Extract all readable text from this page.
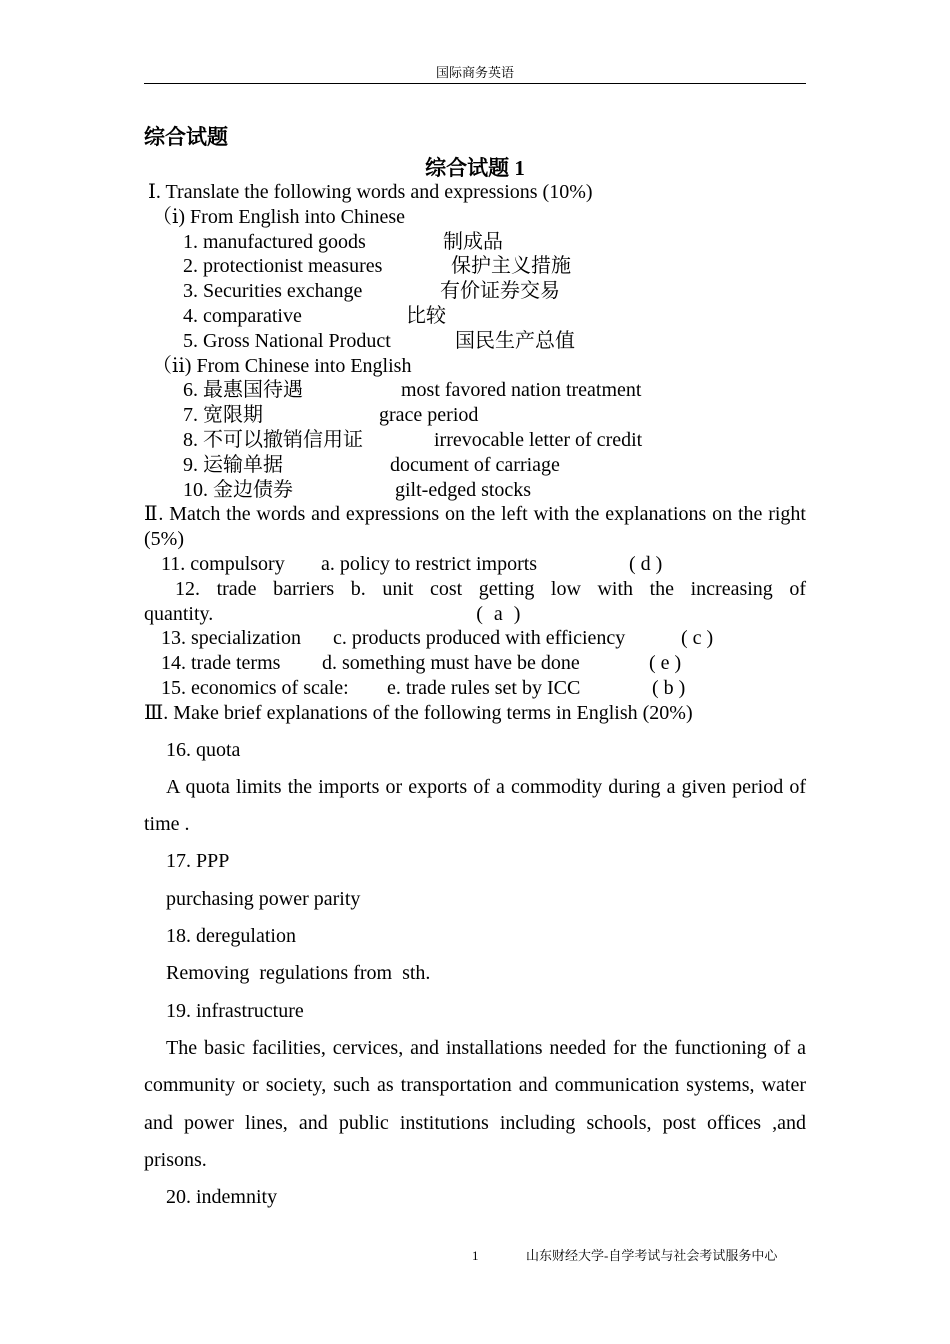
国际商务英语
综合试题
综合试题 1
Ⅰ. Translate the following words and expressions (10%)
（ⅰ) From English into Chinese
1. manufactured goods	制成品
2. protectionist measures	保护主义措施
3. Securities exchange	有价证券交易
4. comparative	比较
5. Gross National Product	国民生产总值
（ⅱ) From Chinese into English
6. 最惠国待遇	most favored nation treatment
7. 宽限期	grace period
8. 不可以撤销信用证	irrevocable letter of credit
9. 运输单据	document of carriage
10. 金边债券	gilt-edged stocks
Ⅱ. Match the words and expressions on the left with the explanations on the right (5%)
11. compulsory a. policy to restrict imports	( d )
12. trade barriers b. unit cost getting low with the increasing of quantity.	( a )
13. specialization c. products produced with efficiency	( c )
14. trade terms d. something must have be done	( e )
15. economics of scale: e. trade rules set by ICC	( b )
Ⅲ. Make brief explanations of the following terms in English (20%)
16. quota
A quota limits the imports or exports of a commodity during a given period of time .
17. PPP
purchasing power parity
18. deregulation
Removing  regulations from  sth.
19. infrastructure
The basic facilities, cervices, and installations needed for the functioning of a community or society, such as transportation and communication systems, water and power lines, and public institutions including schools, post offices ,and prisons.
20. indemnity
1	山东财经大学-自学考试与社会考试服务中心
